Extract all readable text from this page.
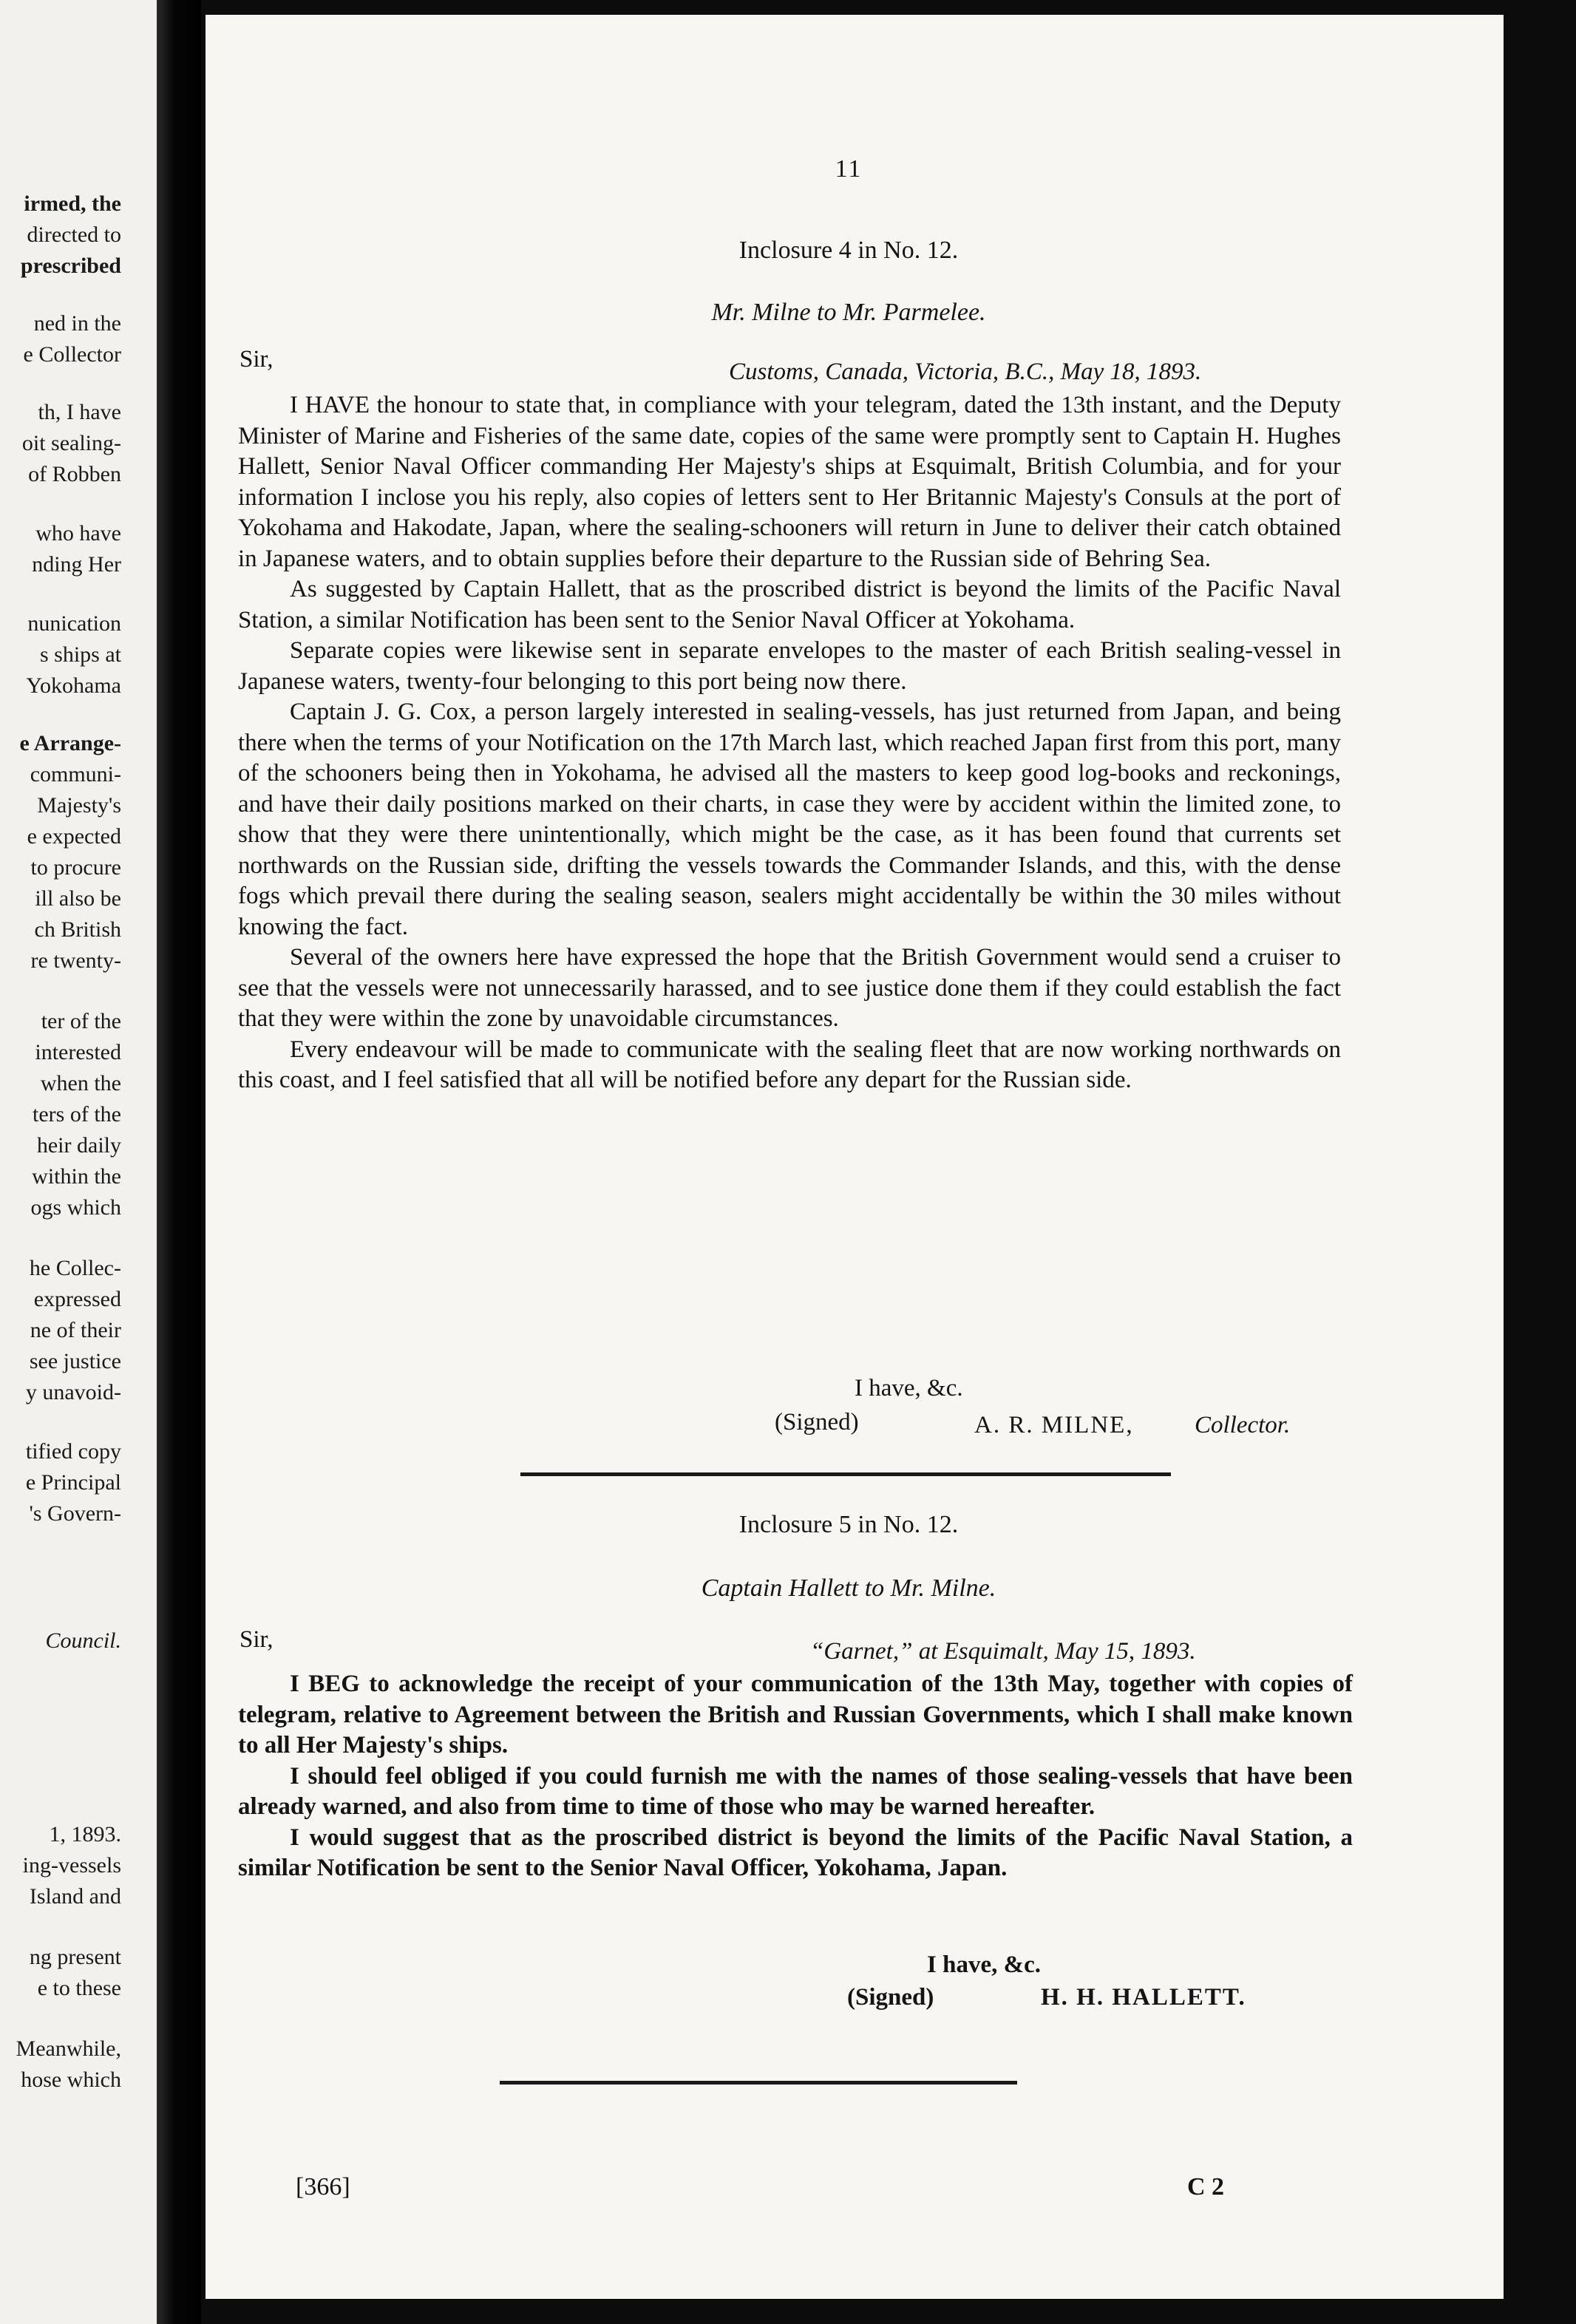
irmed, the
directed to
prescribed
ned in the
e Collector
th, I have
oit sealing-
of Robben
who have
nding Her
nunication
s ships at
Yokohama
e Arrange-
communi-
Majesty's
e expected
to procure
ill also be
ch British
re twenty-
ter of the
interested
when the
ters of the
heir daily
within the
ogs which
he Collec-
expressed
ne of their
see justice
y unavoid-
tified copy
e Principal
's Govern-
Council.
1, 1893.
ing-vessels
Island and
ng present
e to these
Meanwhile,
hose which
11
Inclosure 4 in No. 12.
Mr. Milne to Mr. Parmelee.
Sir,	Customs, Canada, Victoria, B.C., May 18, 1893.

I HAVE the honour to state that, in compliance with your telegram, dated the 13th instant, and the Deputy Minister of Marine and Fisheries of the same date, copies of the same were promptly sent to Captain H. Hughes Hallett, Senior Naval Officer commanding Her Majesty's ships at Esquimalt, British Columbia, and for your information I inclose you his reply, also copies of letters sent to Her Britannic Majesty's Consuls at the port of Yokohama and Hakodate, Japan, where the sealing-schooners will return in June to deliver their catch obtained in Japanese waters, and to obtain supplies before their departure to the Russian side of Behring Sea.

As suggested by Captain Hallett, that as the proscribed district is beyond the limits of the Pacific Naval Station, a similar Notification has been sent to the Senior Naval Officer at Yokohama.

Separate copies were likewise sent in separate envelopes to the master of each British sealing-vessel in Japanese waters, twenty-four belonging to this port being now there.

Captain J. G. Cox, a person largely interested in sealing-vessels, has just returned from Japan, and being there when the terms of your Notification on the 17th March last, which reached Japan first from this port, many of the schooners being then in Yokohama, he advised all the masters to keep good log-books and reckonings, and have their daily positions marked on their charts, in case they were by accident within the limited zone, to show that they were there unintentionally, which might be the case, as it has been found that currents set northwards on the Russian side, drifting the vessels towards the Commander Islands, and this, with the dense fogs which prevail there during the sealing season, sealers might accidentally be within the 30 miles without knowing the fact.

Several of the owners here have expressed the hope that the British Government would send a cruiser to see that the vessels were not unnecessarily harassed, and to see justice done them if they could establish the fact that they were within the zone by unavoidable circumstances.

Every endeavour will be made to communicate with the sealing fleet that are now working northwards on this coast, and I feel satisfied that all will be notified before any depart for the Russian side.

I have, &c.
(Signed)	A. R. MILNE, Collector.
Inclosure 5 in No. 12.
Captain Hallett to Mr. Milne.
Sir,	“Garnet,” at Esquimalt, May 15, 1893.

I BEG to acknowledge the receipt of your communication of the 13th May, together with copies of telegram, relative to Agreement between the British and Russian Governments, which I shall make known to all Her Majesty's ships.

I should feel obliged if you could furnish me with the names of those sealing-vessels that have been already warned, and also from time to time of those who may be warned hereafter.

I would suggest that as the proscribed district is beyond the limits of the Pacific Naval Station, a similar Notification be sent to the Senior Naval Officer, Yokohama, Japan.

I have, &c.
(Signed)	H. H. HALLETT.
[366]	C 2
